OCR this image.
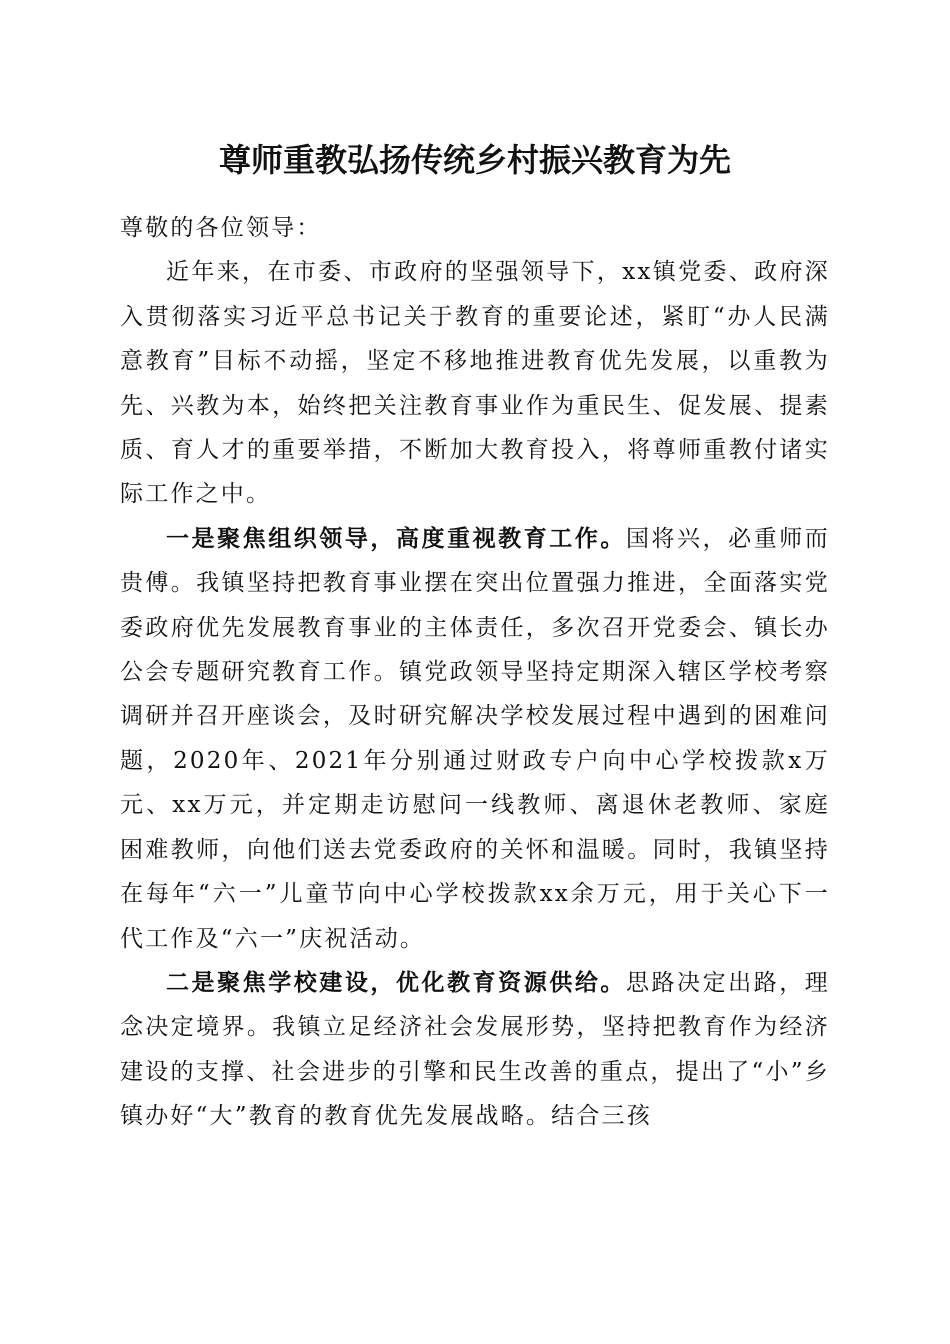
尊师重教弘扬传统乡村振兴教育为先

尊敬的各位领导：

近年来，在市委、市政府的坚强领导下，xx镇党委、政府深入贯彻落实习近平总书记关于教育的重要论述，紧盯“办人民满意教育”目标不动摇，坚定不移地推进教育优先发展，以重教为先、兴教为本，始终把关注教育事业作为重民生、促发展、提素质、育人才的重要举措，不断加大教育投入，将尊师重教付诸实际工作之中。

一是聚焦组织领导，高度重视教育工作。国将兴，必重师而贵傅。我镇坚持把教育事业摆在突出位置强力推进，全面落实党委政府优先发展教育事业的主体责任，多次召开党委会、镇长办公会专题研究教育工作。镇党政领导坚持定期深入辖区学校考察调研并召开座谈会，及时研究解决学校发展过程中遇到的困难问题，2020年、2021年分别通过财政专户向中心学校拨款x万元、xx万元，并定期走访慰问一线教师、离退休老教师、家庭困难教师，向他们送去党委政府的关怀和温暖。同时，我镇坚持在每年“六一”儿童节向中心学校拨款xx余万元，用于关心下一代工作及“六一”庆祝活动。

二是聚焦学校建设，优化教育资源供给。思路决定出路，理念决定境界。我镇立足经济社会发展形势，坚持把教育作为经济建设的支撑、社会进步的引擎和民生改善的重点，提出了“小”乡镇办好“大”教育的教育优先发展战略。结合三孩
